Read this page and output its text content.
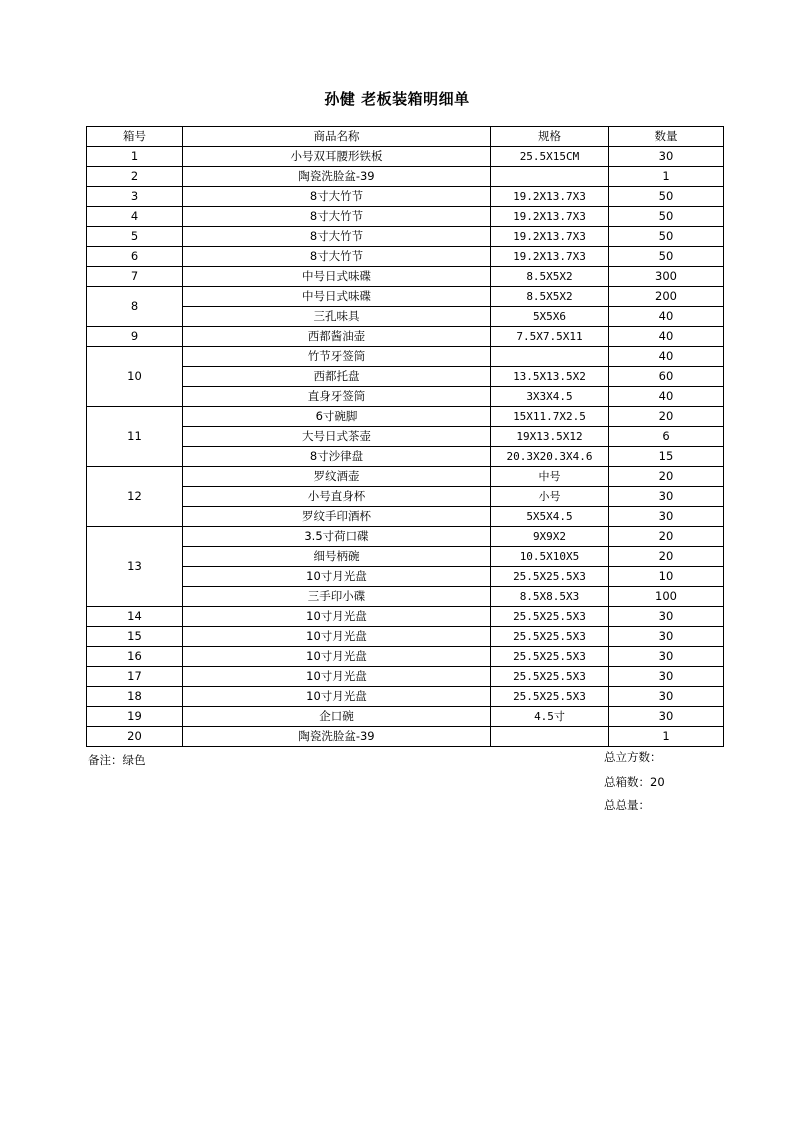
孙健 老板装箱明细单
箱号	商品名称	规格	数量
1	小号双耳腰形铁板	25.5X15CM	30
2	陶瓷洗脸盆-39		1
3	8寸大竹节	19.2X13.7X3	50
4	8寸大竹节	19.2X13.7X3	50
5	8寸大竹节	19.2X13.7X3	50
6	8寸大竹节	19.2X13.7X3	50
7	中号日式味碟	8.5X5X2	300
8	中号日式味碟	8.5X5X2	200
	三孔味具	5X5X6	40
9	西都酱油壶	7.5X7.5X11	40
10	竹节牙签筒		40
	西都托盘	13.5X13.5X2	60
	直身牙签筒	3X3X4.5	40
11	6寸碗脚	15X11.7X2.5	20
	大号日式茶壶	19X13.5X12	6
	8寸沙律盘	20.3X20.3X4.6	15
12	罗纹酒壶	中号	20
	小号直身杯	小号	30
	罗纹手印酒杯	5X5X4.5	30
13	3.5寸荷口碟	9X9X2	20
	细号柄碗	10.5X10X5	20
	10寸月光盘	25.5X25.5X3	10
	三手印小碟	8.5X8.5X3	100
14	10寸月光盘	25.5X25.5X3	30
15	10寸月光盘	25.5X25.5X3	30
16	10寸月光盘	25.5X25.5X3	30
17	10寸月光盘	25.5X25.5X3	30
18	10寸月光盘	25.5X25.5X3	30
19	企口碗	4.5寸	30
20	陶瓷洗脸盆-39		1
备注：绿色	总立方数：
总箱数：20
总总量：
